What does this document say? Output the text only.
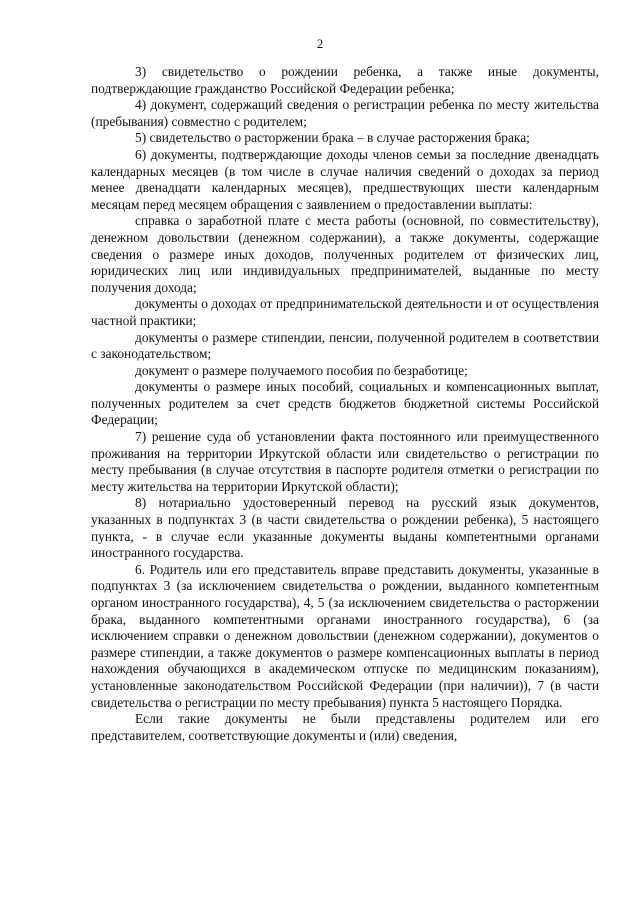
2

3) свидетельство о рождении ребенка, а также иные документы, подтверждающие гражданство Российской Федерации ребенка;

4) документ, содержащий сведения о регистрации ребенка по месту жительства (пребывания) совместно с родителем;

5) свидетельство о расторжении брака – в случае расторжения брака;

6) документы, подтверждающие доходы членов семьи за последние двенадцать календарных месяцев (в том числе в случае наличия сведений о доходах за период менее двенадцати календарных месяцев), предшествующих шести календарным месяцам перед месяцем обращения с заявлением о предоставлении выплаты:

справка о заработной плате с места работы (основной, по совместительству), денежном довольствии (денежном содержании), а также документы, содержащие сведения о размере иных доходов, полученных родителем от физических лиц, юридических лиц или индивидуальных предпринимателей, выданные по месту получения дохода;

документы о доходах от предпринимательской деятельности и от осуществления частной практики;

документы о размере стипендии, пенсии, полученной родителем в соответствии с законодательством;

документ о размере получаемого пособия по безработице;

документы о размере иных пособий, социальных и компенсационных выплат, полученных родителем за счет средств бюджетов бюджетной системы Российской Федерации;

7) решение суда об установлении факта постоянного или преимущественного проживания на территории Иркутской области или свидетельство о регистрации по месту пребывания (в случае отсутствия в паспорте родителя отметки о регистрации по месту жительства на территории Иркутской области);

8) нотариально удостоверенный перевод на русский язык документов, указанных в подпунктах 3 (в части свидетельства о рождении ребенка), 5 настоящего пункта, - в случае если указанные документы выданы компетентными органами иностранного государства.

6. Родитель или его представитель вправе представить документы, указанные в подпунктах 3 (за исключением свидетельства о рождении, выданного компетентным органом иностранного государства), 4, 5 (за исключением свидетельства о расторжении брака, выданного компетентными органами иностранного государства), 6 (за исключением справки о денежном довольствии (денежном содержании), документов о размере стипендии, а также документов о размере компенсационных выплаты в период нахождения обучающихся в академическом отпуске по медицинским показаниям), установленные законодательством Российской Федерации (при наличии)), 7 (в части свидетельства о регистрации по месту пребывания) пункта 5 настоящего Порядка.

Если такие документы не были представлены родителем или его представителем, соответствующие документы и (или) сведения,
